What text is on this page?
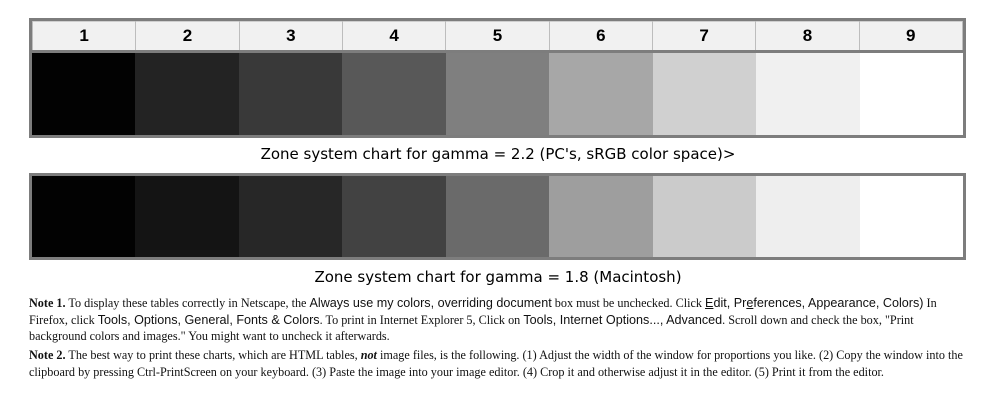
1	2	3	4	5	6	7	8	9
Zone system chart for gamma = 2.2 (PC's, sRGB color space)>
Zone system chart for gamma = 1.8 (Macintosh)
Note 1. To display these tables correctly in Netscape, the Always use my colors, overriding document box must be unchecked. Click Edit, Preferences, Appearance, Colors) In Firefox, click Tools, Options, General, Fonts & Colors. To print in Internet Explorer 5, Click on Tools, Internet Options..., Advanced. Scroll down and check the box, "Print background colors and images." You might want to uncheck it afterwards.
Note 2. The best way to print these charts, which are HTML tables, not image files, is the following. (1) Adjust the width of the window for proportions you like. (2) Copy the window into the clipboard by pressing Ctrl-PrintScreen on your keyboard. (3) Paste the image into your image editor. (4) Crop it and otherwise adjust it in the editor. (5) Print it from the editor.
